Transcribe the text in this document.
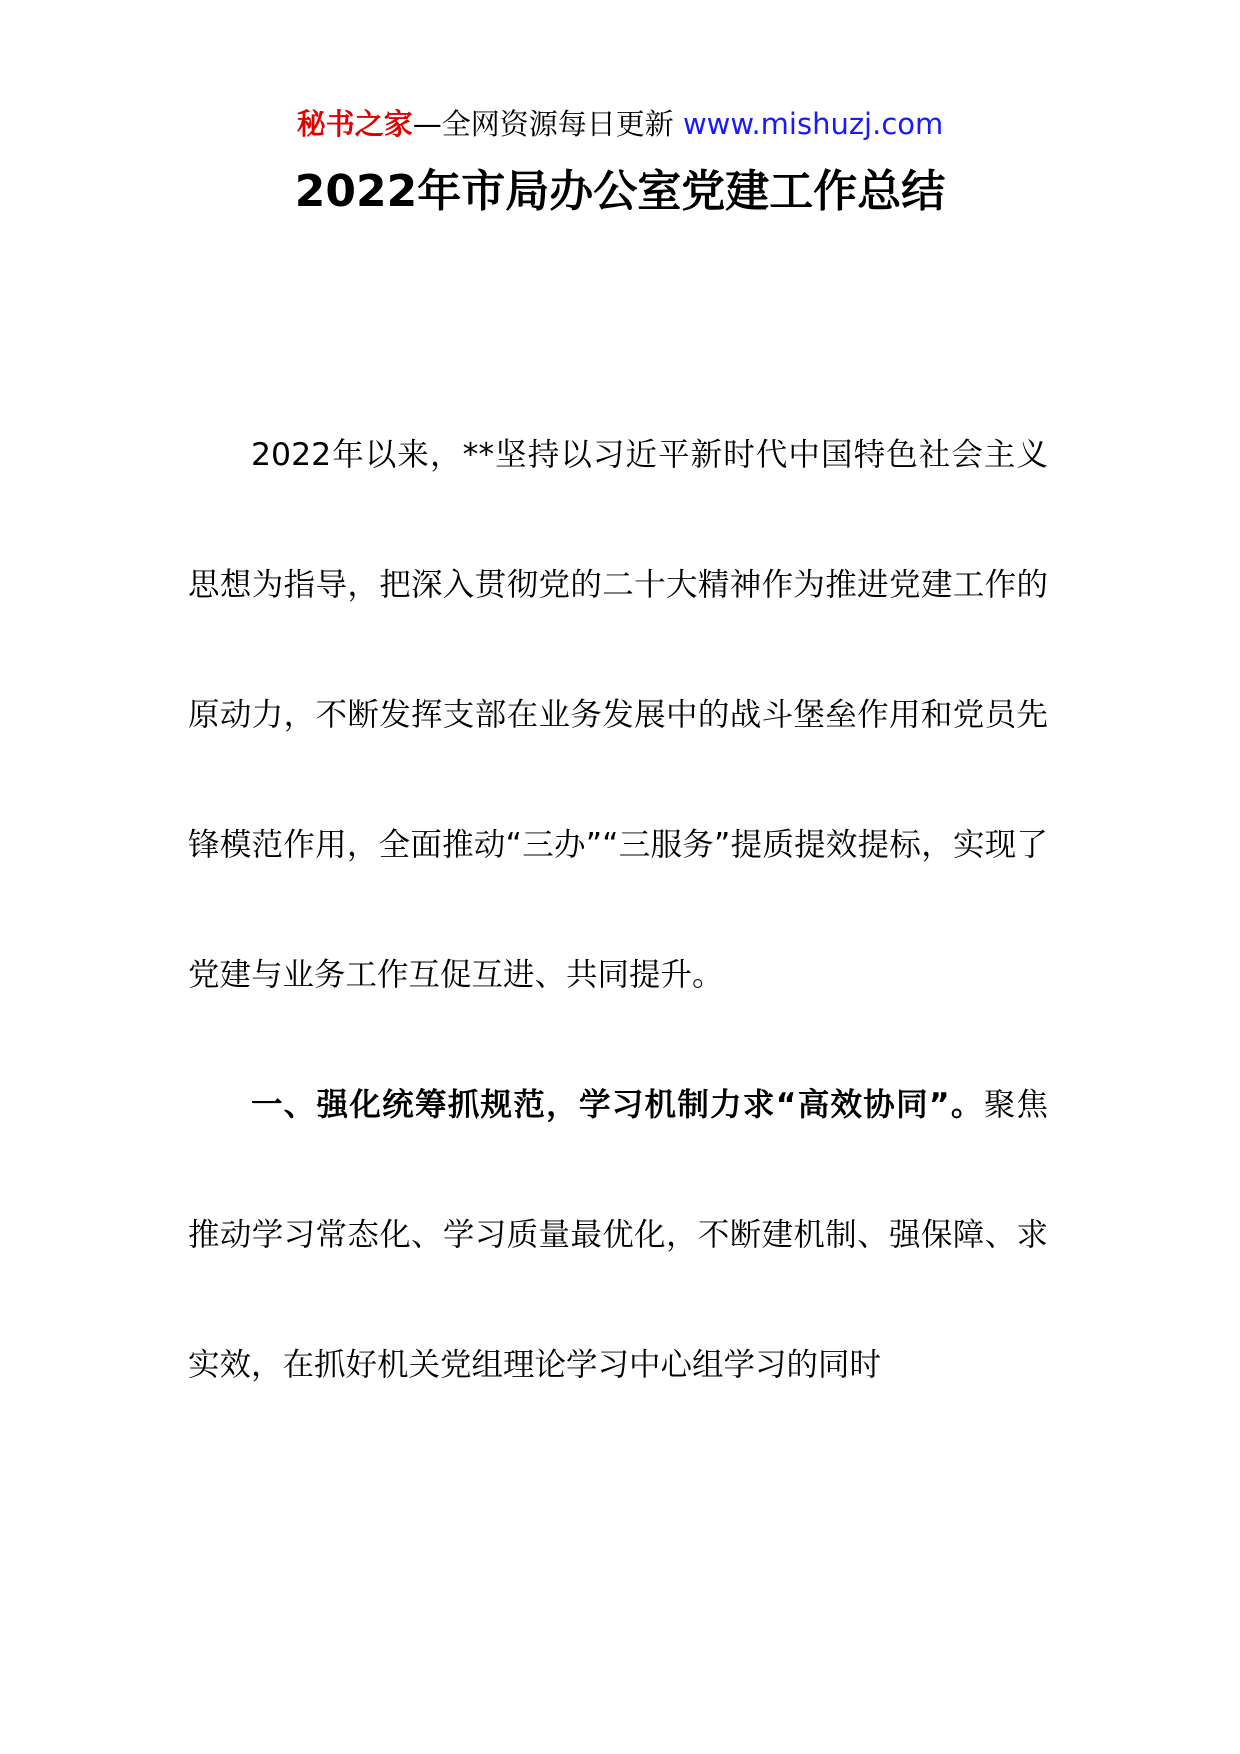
秘书之家—全网资源每日更新 www.mishuzj.com
2022年市局办公室党建工作总结

2022年以来，**坚持以习近平新时代中国特色社会主义思想为指导，把深入贯彻党的二十大精神作为推进党建工作的原动力，不断发挥支部在业务发展中的战斗堡垒作用和党员先锋模范作用，全面推动“三办”“三服务”提质提效提标，实现了党建与业务工作互促互进、共同提升。

一、强化统筹抓规范，学习机制力求“高效协同”。聚焦推动学习常态化、学习质量最优化，不断建机制、强保障、求实效，在抓好机关党组理论学习中心组学习的同时
